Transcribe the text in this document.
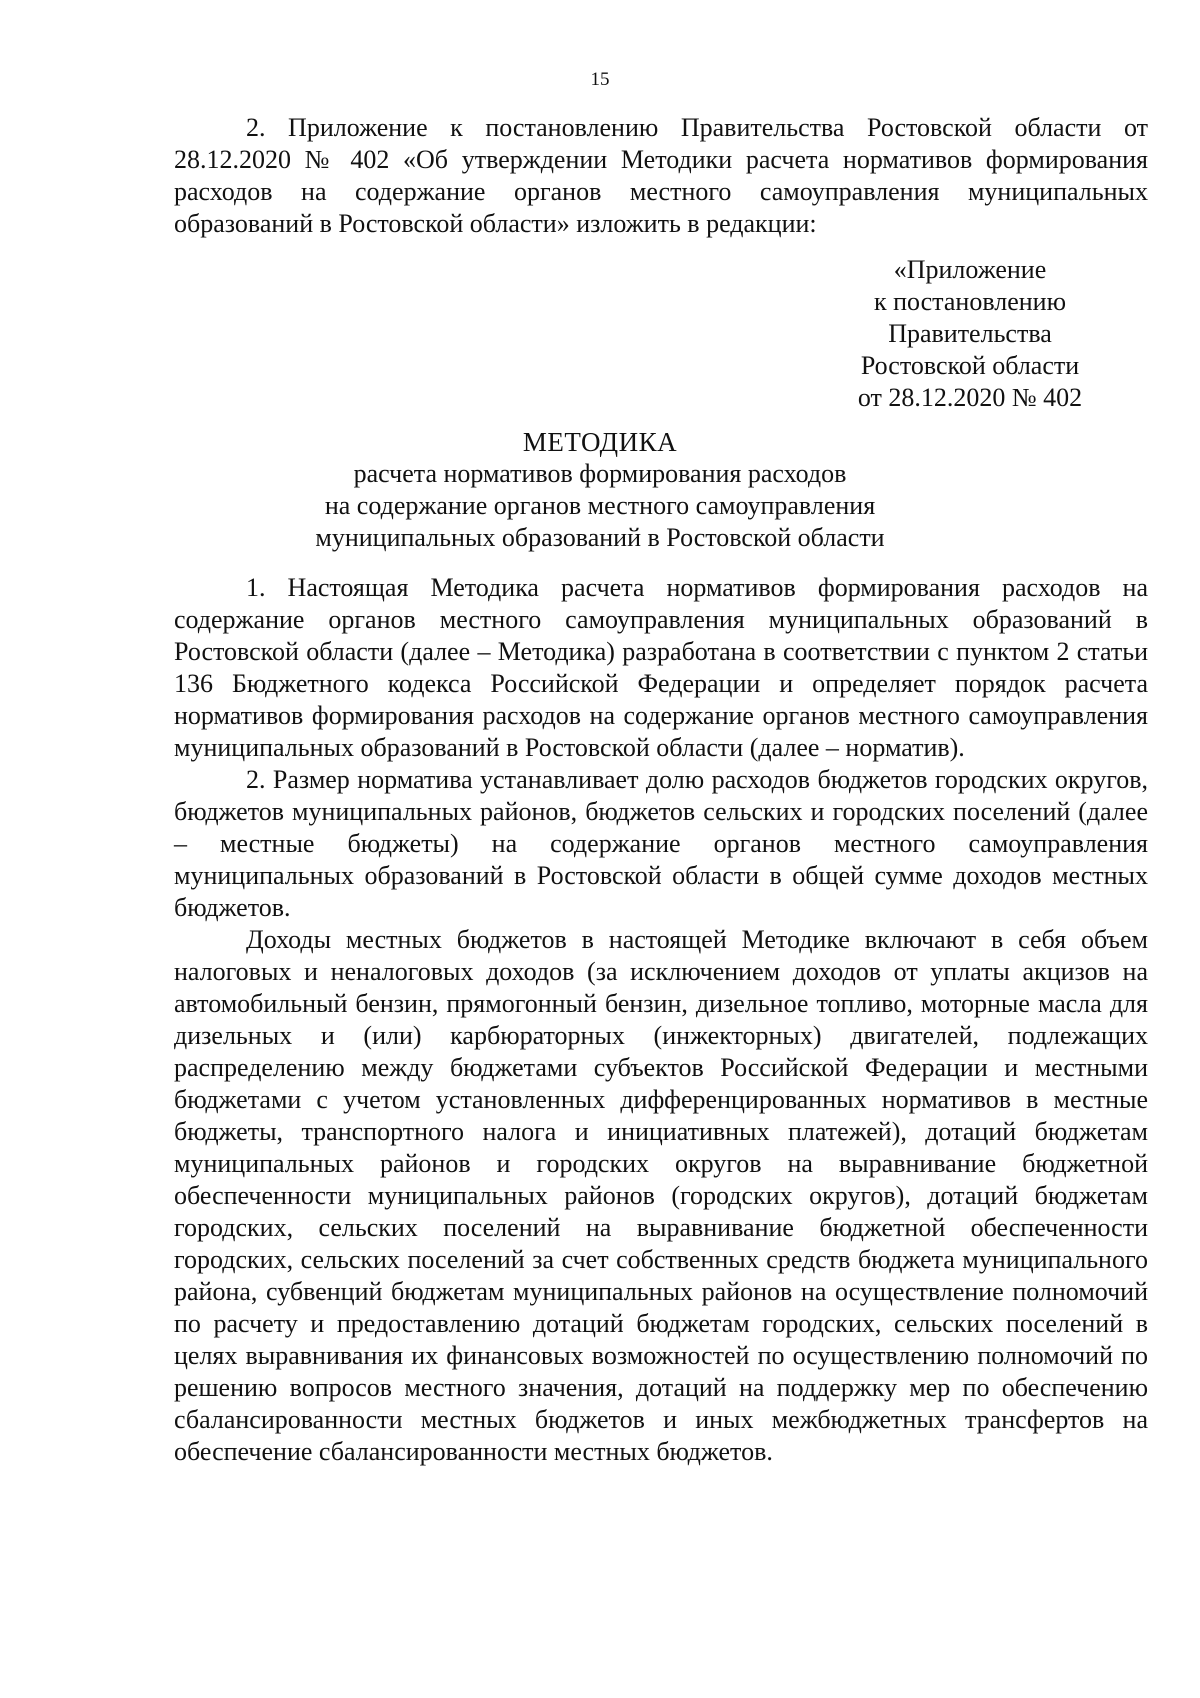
15

2. Приложение к постановлению Правительства Ростовской области от 28.12.2020 № 402 «Об утверждении Методики расчета нормативов формирования расходов на содержание органов местного самоуправления муниципальных образований в Ростовской области» изложить в редакции:

«Приложение
к постановлению
Правительства
Ростовской области
от 28.12.2020 № 402
МЕТОДИКА
расчета нормативов формирования расходов
на содержание органов местного самоуправления
муниципальных образований в Ростовской области

1. Настоящая Методика расчета нормативов формирования расходов на содержание органов местного самоуправления муниципальных образований в Ростовской области (далее – Методика) разработана в соответствии с пунктом 2 статьи 136 Бюджетного кодекса Российской Федерации и определяет порядок расчета нормативов формирования расходов на содержание органов местного самоуправления муниципальных образований в Ростовской области (далее – норматив).

2. Размер норматива устанавливает долю расходов бюджетов городских округов, бюджетов муниципальных районов, бюджетов сельских и городских поселений (далее – местные бюджеты) на содержание органов местного самоуправления муниципальных образований в Ростовской области в общей сумме доходов местных бюджетов.

Доходы местных бюджетов в настоящей Методике включают в себя объем налоговых и неналоговых доходов (за исключением доходов от уплаты акцизов на автомобильный бензин, прямогонный бензин, дизельное топливо, моторные масла для дизельных и (или) карбюраторных (инжекторных) двигателей, подлежащих распределению между бюджетами субъектов Российской Федерации и местными бюджетами с учетом установленных дифференцированных нормативов в местные бюджеты, транспортного налога и инициативных платежей), дотаций бюджетам муниципальных районов и городских округов на выравнивание бюджетной обеспеченности муниципальных районов (городских округов), дотаций бюджетам городских, сельских поселений на выравнивание бюджетной обеспеченности городских, сельских поселений за счет собственных средств бюджета муниципального района, субвенций бюджетам муниципальных районов на осуществление полномочий по расчету и предоставлению дотаций бюджетам городских, сельских поселений в целях выравнивания их финансовых возможностей по осуществлению полномочий по решению вопросов местного значения, дотаций на поддержку мер по обеспечению сбалансированности местных бюджетов и иных межбюджетных трансфертов на обеспечение сбалансированности местных бюджетов.
